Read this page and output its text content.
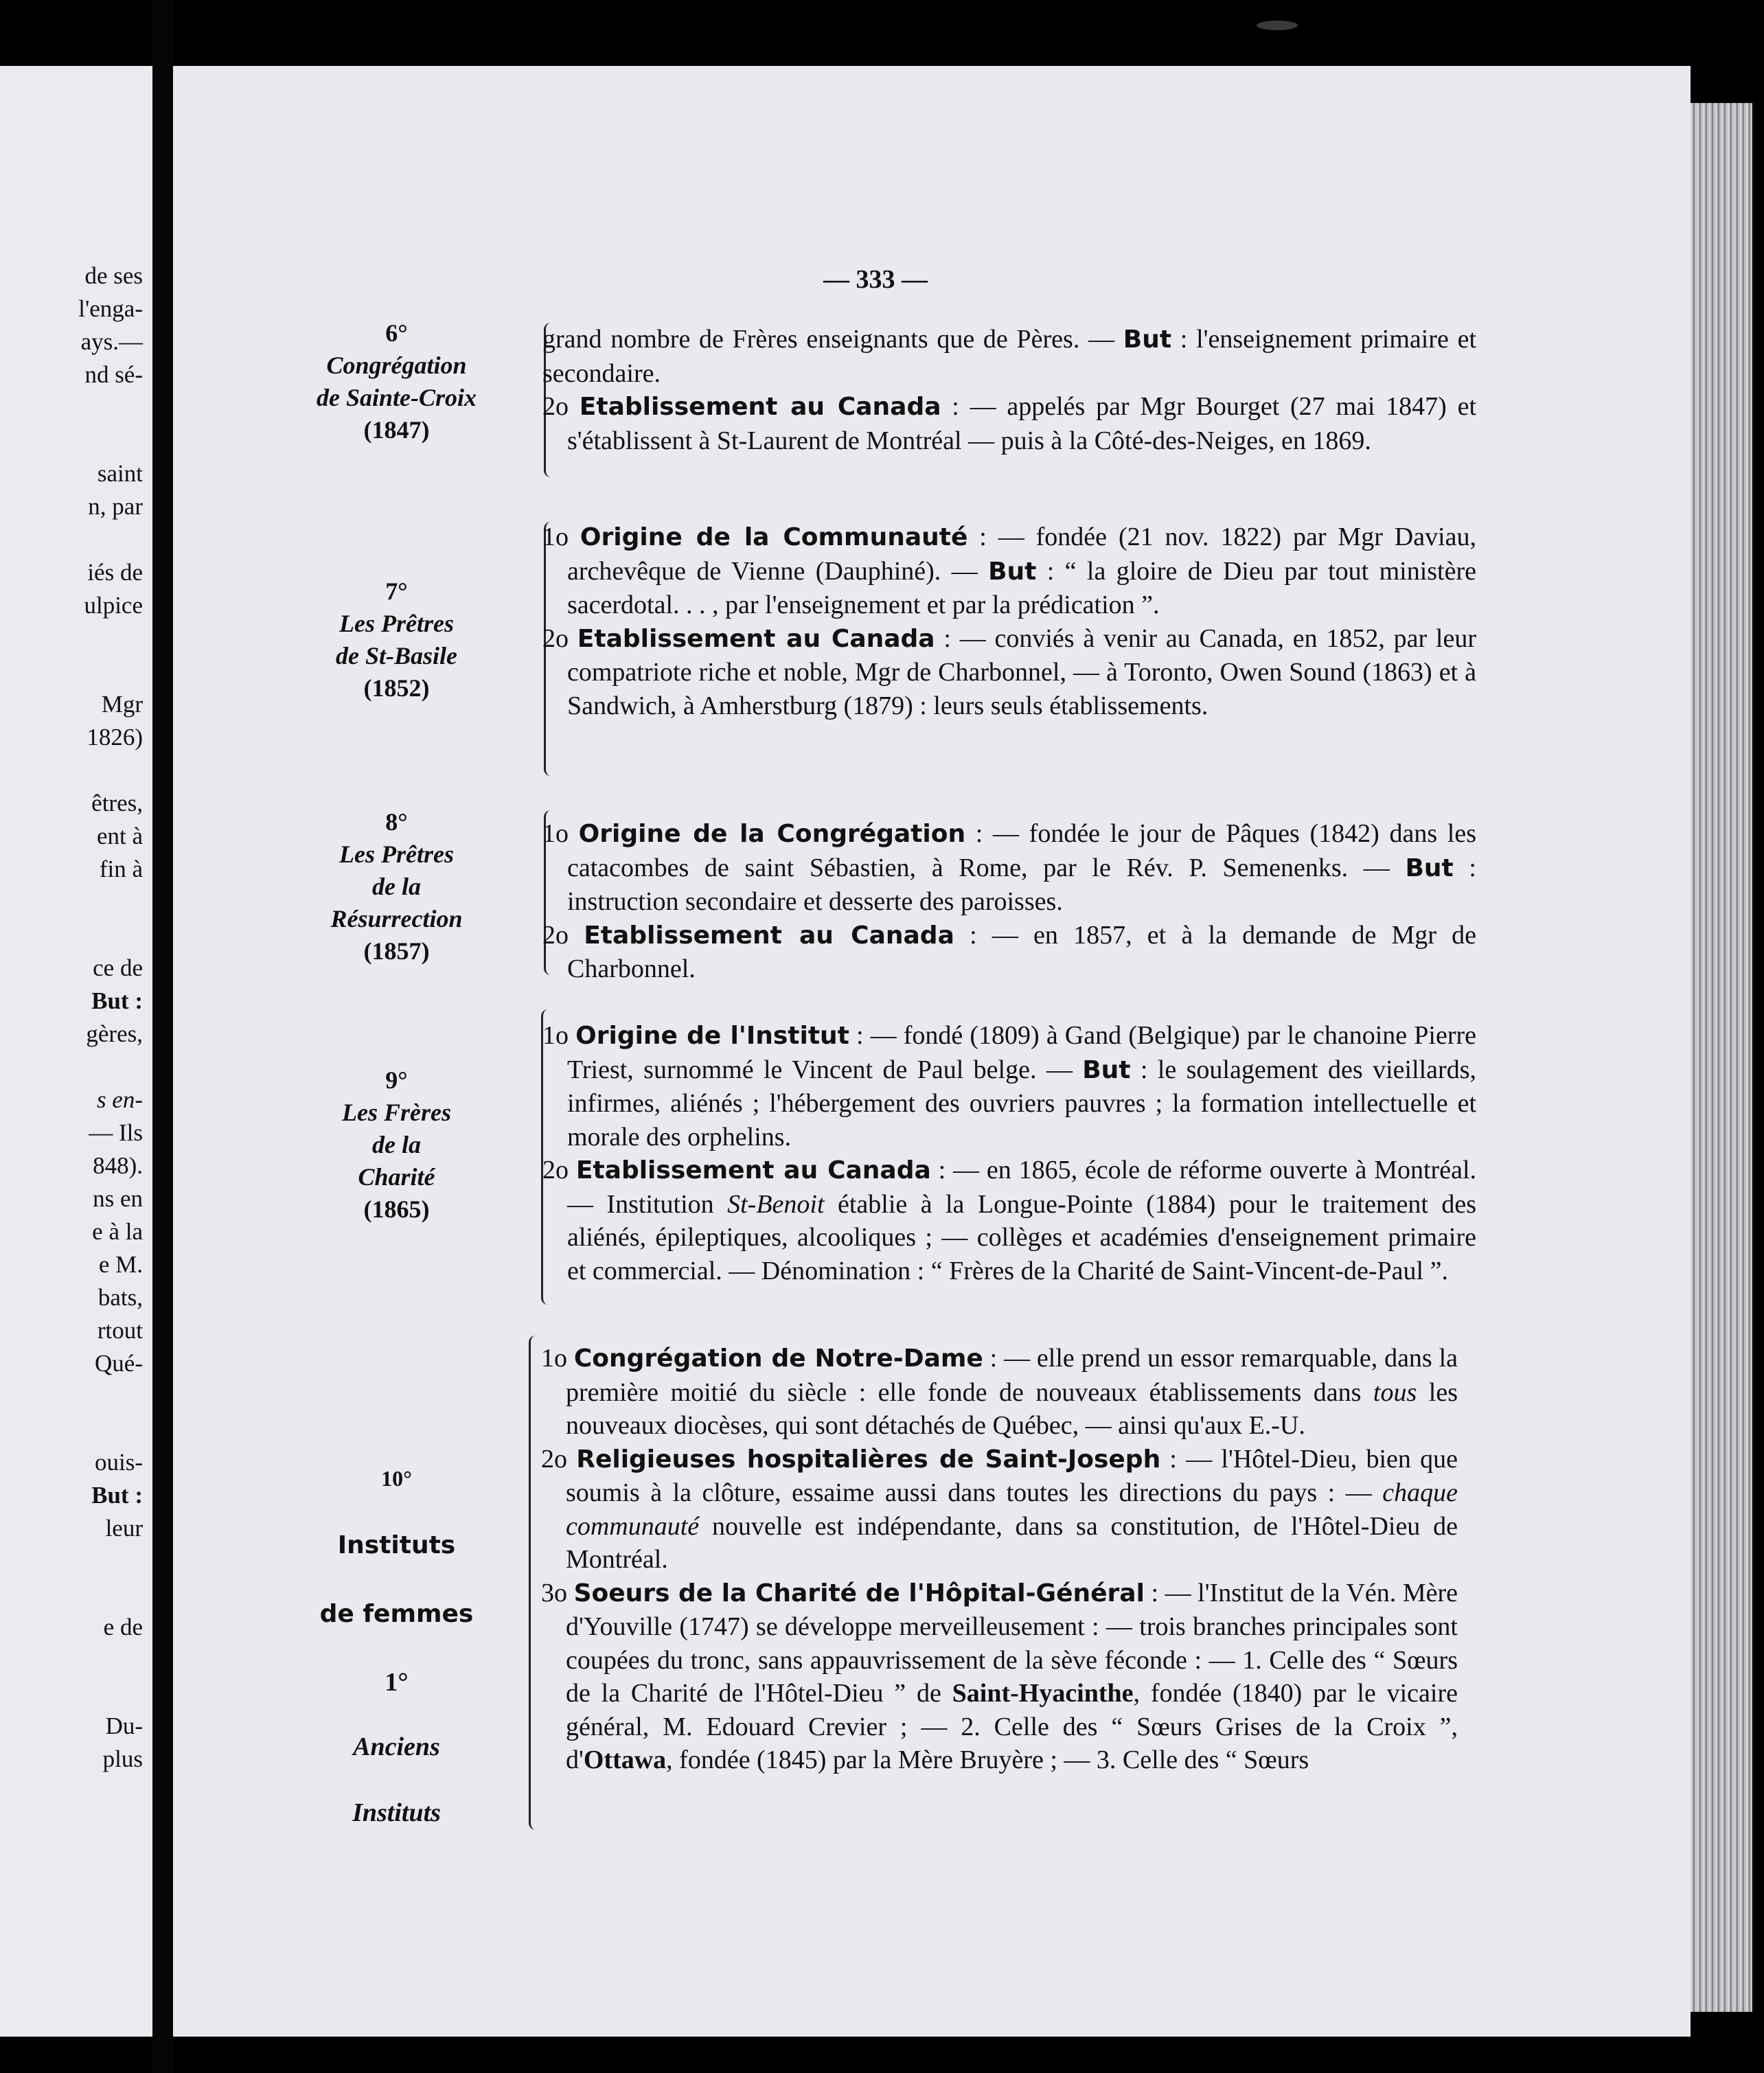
de ses
l'enga-
ays.—
nd sé-
saint
n, par
iés de
ulpice
Mgr
1826)
êtres,
ent à
fin à
ce de
But :
gères,
s en-
— Ils
848).
ns en
e à la
e M.
bats,
rtout
Qué-
ouis-
But :
leur
e de
Du-
plus
— 333 —
6°
Congrégation
de Sainte-Croix
(1847)

grand nombre de Frères enseignants que de Pères. — But : l'enseignement primaire et secondaire.

2o Etablissement au Canada : — appelés par Mgr Bourget (27 mai 1847) et s'établissent à St-Laurent de Montréal — puis à la Côté-des-Neiges, en 1869.

7°
Les Prêtres
de St-Basile
(1852)

1o Origine de la Communauté : — fondée (21 nov. 1822) par Mgr Daviau, archevêque de Vienne (Dauphiné). — But : “ la gloire de Dieu par tout ministère sacerdotal. . . , par l'enseignement et par la prédication ”.

2o Etablissement au Canada : — conviés à venir au Canada, en 1852, par leur compatriote riche et noble, Mgr de Charbonnel, — à Toronto, Owen Sound (1863) et à Sandwich, à Amherstburg (1879) : leurs seuls établissements.

8°
Les Prêtres
de la
Résurrection
(1857)

1o Origine de la Congrégation : — fondée le jour de Pâques (1842) dans les catacombes de saint Sébastien, à Rome, par le Rév. P. Semenenks. — But : instruction secondaire et desserte des paroisses.

2o Etablissement au Canada : — en 1857, et à la demande de Mgr de Charbonnel.

9°
Les Frères
de la
Charité
(1865)

1o Origine de l'Institut : — fondé (1809) à Gand (Belgique) par le chanoine Pierre Triest, surnommé le Vincent de Paul belge. — But : le soulagement des vieillards, infirmes, aliénés ; l'hébergement des ouvriers pauvres ; la formation intellectuelle et morale des orphelins.

2o Etablissement au Canada : — en 1865, école de réforme ouverte à Montréal. — Institution St-Benoit établie à la Longue-Pointe (1884) pour le traitement des aliénés, épileptiques, alcooliques ; — collèges et académies d'enseignement primaire et commercial. — Dénomination : “ Frères de la Charité de Saint-Vincent-de-Paul ”.

10°
Instituts
de femmes
1°
Anciens
Instituts

1o Congrégation de Notre-Dame : — elle prend un essor remarquable, dans la première moitié du siècle : elle fonde de nouveaux établissements dans tous les nouveaux diocèses, qui sont détachés de Québec, — ainsi qu'aux E.-U.

2o Religieuses hospitalières de Saint-Joseph : — l'Hôtel-Dieu, bien que soumis à la clôture, essaime aussi dans toutes les directions du pays : — chaque communauté nouvelle est indépendante, dans sa constitution, de l'Hôtel-Dieu de Montréal.

3o Soeurs de la Charité de l'Hôpital-Général : — l'Institut de la Vén. Mère d'Youville (1747) se développe merveilleusement : — trois branches principales sont coupées du tronc, sans appauvrissement de la sève féconde : — 1. Celle des “ Sœurs de la Charité de l'Hôtel-Dieu ” de Saint-Hyacinthe, fondée (1840) par le vicaire général, M. Edouard Crevier ; — 2. Celle des “ Sœurs Grises de la Croix ”, d'Ottawa, fondée (1845) par la Mère Bruyère ; — 3. Celle des “ Sœurs
